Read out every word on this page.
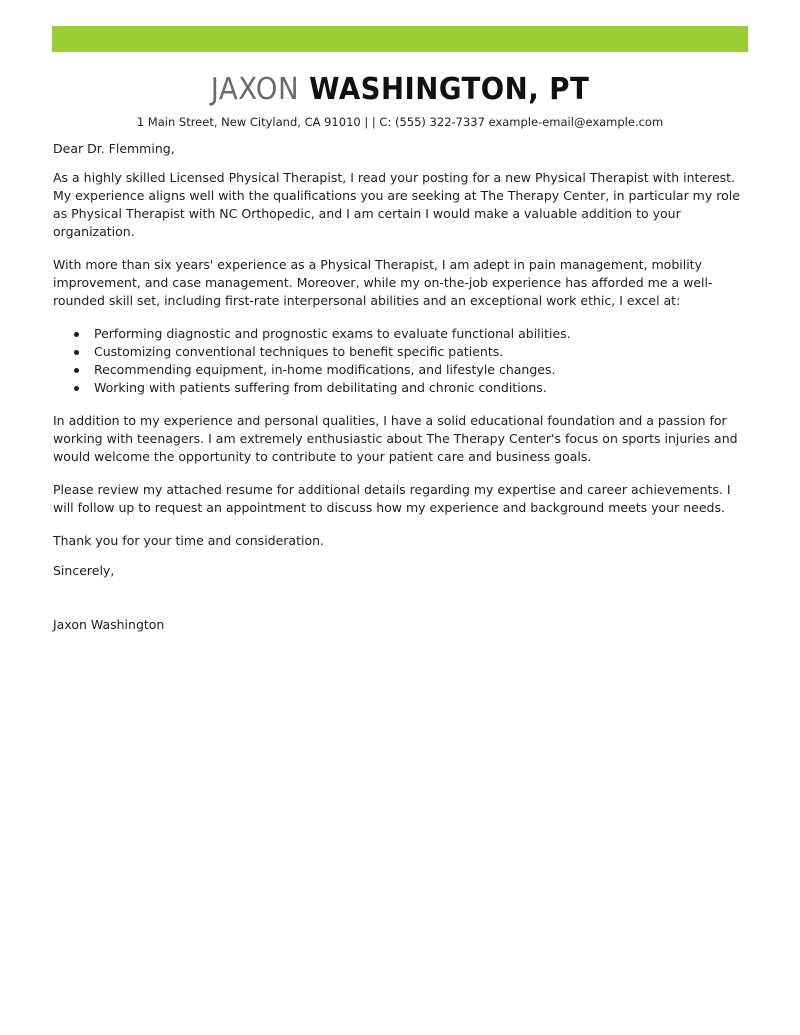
JAXON WASHINGTON, PT
1 Main Street, New Cityland, CA 91010 | | C: (555) 322-7337 example-email@example.com

Dear Dr. Flemming,

As a highly skilled Licensed Physical Therapist, I read your posting for a new Physical Therapist with interest. My experience aligns well with the qualifications you are seeking at The Therapy Center, in particular my role as Physical Therapist with NC Orthopedic, and I am certain I would make a valuable addition to your organization.

With more than six years' experience as a Physical Therapist, I am adept in pain management, mobility improvement, and case management. Moreover, while my on-the-job experience has afforded me a well-rounded skill set, including first-rate interpersonal abilities and an exceptional work ethic, I excel at:

Performing diagnostic and prognostic exams to evaluate functional abilities.
Customizing conventional techniques to benefit specific patients.
Recommending equipment, in-home modifications, and lifestyle changes.
Working with patients suffering from debilitating and chronic conditions.

In addition to my experience and personal qualities, I have a solid educational foundation and a passion for working with teenagers. I am extremely enthusiastic about The Therapy Center's focus on sports injuries and would welcome the opportunity to contribute to your patient care and business goals.

Please review my attached resume for additional details regarding my expertise and career achievements. I will follow up to request an appointment to discuss how my experience and background meets your needs.

Thank you for your time and consideration.

Sincerely,

Jaxon Washington
